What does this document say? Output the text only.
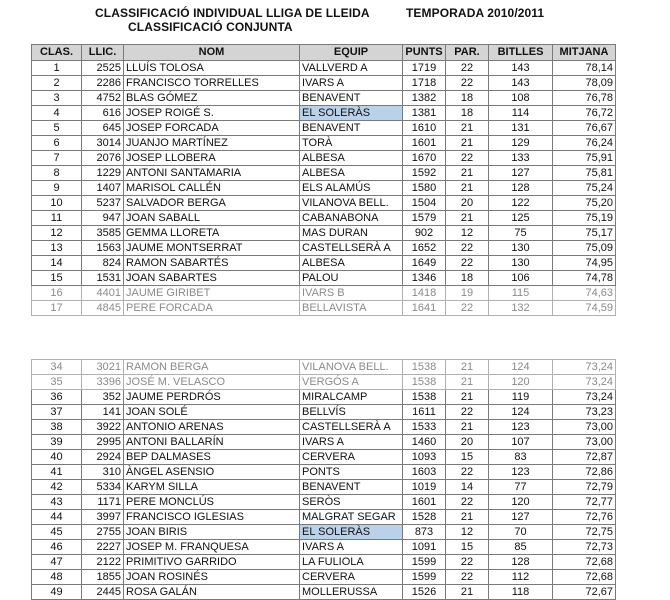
CLASSIFICACIÓ INDIVIDUAL LLIGA DE LLEIDA
CLASSIFICACIÓ CONJUNTA
TEMPORADA 2010/2011
CLAS.	LLIC.	NOM	EQUIP	PUNTS	PAR.	BITLLES	MITJANA
1	2525	LLUÍS TOLOSA	VALLVERD A	1719	22	143	78,14
2	2286	FRANCISCO TORRELLES	IVARS A	1718	22	143	78,09
3	4752	BLAS GÓMEZ	BENAVENT	1382	18	108	76,78
4	616	JOSEP ROIGÉ S.	EL SOLERÀS	1381	18	114	76,72
5	645	JOSEP FORCADA	BENAVENT	1610	21	131	76,67
6	3014	JUANJO MARTÍNEZ	TORÀ	1601	21	129	76,24
7	2076	JOSEP LLOBERA	ALBESA	1670	22	133	75,91
8	1229	ANTONI SANTAMARIA	ALBESA	1592	21	127	75,81
9	1407	MARISOL CALLÉN	ELS ALAMÚS	1580	21	128	75,24
10	5237	SALVADOR BERGA	VILANOVA BELL.	1504	20	122	75,20
11	947	JOAN SABALL	CABANABONA	1579	21	125	75,19
12	3585	GEMMA LLORETA	MAS DURAN	902	12	75	75,17
13	1563	JAUME MONTSERRAT	CASTELLSERÀ A	1652	22	130	75,09
14	824	RAMON SABARTÉS	ALBESA	1649	22	130	74,95
15	1531	JOAN SABARTES	PALOU	1346	18	106	74,78
16	4401	JAUME GIRIBET	IVARS B	1418	19	115	74,63
17	4845	PERE FORCADA	BELLAVISTA	1641	22	132	74,59
34	3021	RAMON BERGA	VILANOVA BELL.	1538	21	124	73,24
35	3396	JOSÉ M. VELASCO	VERGÓS A	1538	21	120	73,24
36	352	JAUME PERDRÓS	MIRALCAMP	1538	21	119	73,24
37	141	JOAN SOLÉ	BELLVÍS	1611	22	124	73,23
38	3922	ANTONIO ARENAS	CASTELLSERÀ A	1533	21	123	73,00
39	2995	ANTONI BALLARÍN	IVARS A	1460	20	107	73,00
40	2924	BEP DALMASES	CERVERA	1093	15	83	72,87
41	310	ÀNGEL ASENSIO	PONTS	1603	22	123	72,86
42	5334	KARYM SILLA	BENAVENT	1019	14	77	72,79
43	1171	PERE MONCLÚS	SERÒS	1601	22	120	72,77
44	3997	FRANCISCO IGLESIAS	MALGRAT SEGAR	1528	21	127	72,76
45	2755	JOAN BIRIS	EL SOLERÀS	873	12	70	72,75
46	2227	JOSEP M. FRANQUESA	IVARS A	1091	15	85	72,73
47	2122	PRIMITIVO GARRIDO	LA FULIOLA	1599	22	128	72,68
48	1855	JOAN ROSINÉS	CERVERA	1599	22	112	72,68
49	2445	ROSA GALÁN	MOLLERUSSA	1526	21	118	72,67
